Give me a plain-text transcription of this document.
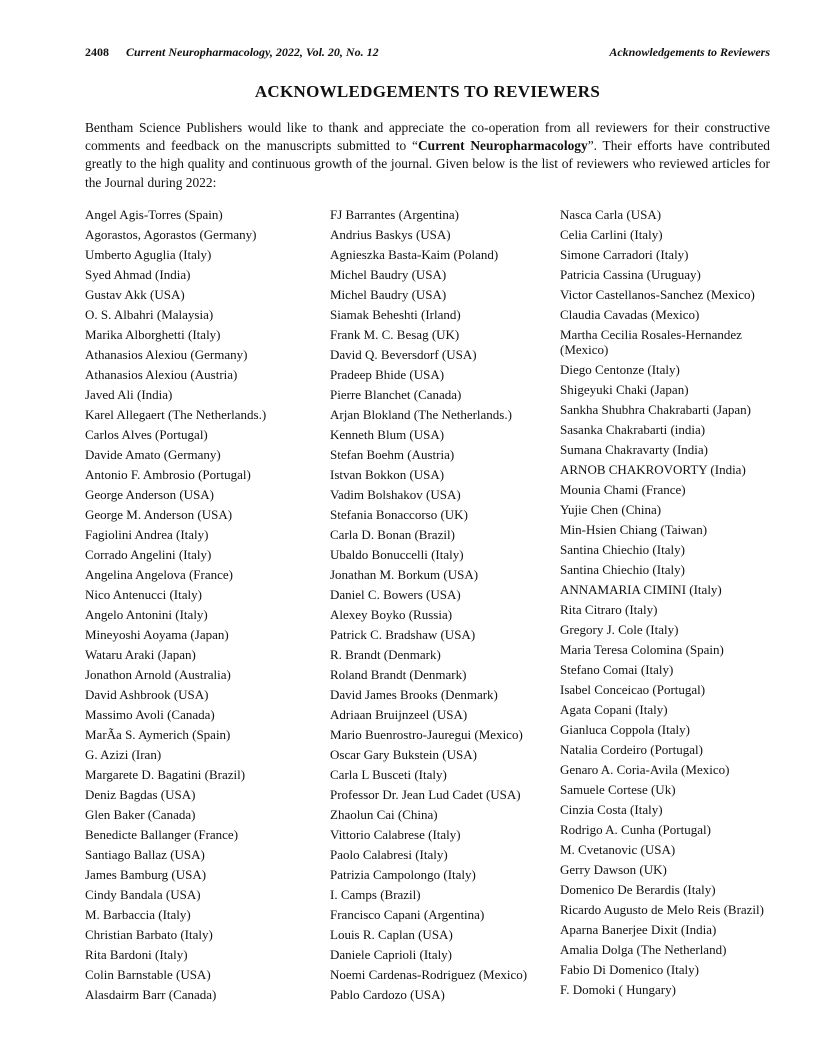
2408 Current Neuropharmacology, 2022, Vol. 20, No. 12	Acknowledgements to Reviewers
ACKNOWLEDGEMENTS TO REVIEWERS

Bentham Science Publishers would like to thank and appreciate the co-operation from all reviewers for their constructive comments and feedback on the manuscripts submitted to “Current Neuropharmacology”. Their efforts have contributed greatly to the high quality and continuous growth of the journal. Given below is the list of reviewers who reviewed articles for the Journal during 2022:

Angel Agis-Torres (Spain)
Agorastos, Agorastos (Germany)
Umberto Aguglia (Italy)
Syed Ahmad (India)
Gustav Akk (USA)
O. S. Albahri (Malaysia)
Marika Alborghetti (Italy)
Athanasios Alexiou (Germany)
Athanasios Alexiou (Austria)
Javed Ali (India)
Karel Allegaert (The Netherlands.)
Carlos Alves (Portugal)
Davide Amato (Germany)
Antonio F. Ambrosio (Portugal)
George Anderson (USA)
George M. Anderson (USA)
Fagiolini Andrea (Italy)
Corrado Angelini (Italy)
Angelina Angelova (France)
Nico Antenucci (Italy)
Angelo Antonini (Italy)
Mineyoshi Aoyama (Japan)
Wataru Araki (Japan)
Jonathon Arnold (Australia)
David Ashbrook (USA)
Massimo Avoli (Canada)
MarÃa S. Aymerich (Spain)
G. Azizi (Iran)
Margarete D. Bagatini (Brazil)
Deniz Bagdas (USA)
Glen Baker (Canada)
Benedicte Ballanger (France)
Santiago Ballaz (USA)
James Bamburg (USA)
Cindy Bandala (USA)
M. Barbaccia (Italy)
Christian Barbato (Italy)
Rita Bardoni (Italy)
Colin Barnstable (USA)
Alasdairm Barr (Canada)
FJ Barrantes (Argentina)
Andrius Baskys (USA)
Agnieszka Basta-Kaim (Poland)
Michel Baudry (USA)
Michel Baudry (USA)
Siamak Beheshti (Irland)
Frank M. C. Besag (UK)
David Q. Beversdorf (USA)
Pradeep Bhide (USA)
Pierre Blanchet (Canada)
Arjan Blokland (The Netherlands.)
Kenneth Blum (USA)
Stefan Boehm (Austria)
Istvan Bokkon (USA)
Vadim Bolshakov (USA)
Stefania Bonaccorso (UK)
Carla D. Bonan (Brazil)
Ubaldo Bonuccelli (Italy)
Jonathan M. Borkum (USA)
Daniel C. Bowers (USA)
Alexey Boyko (Russia)
Patrick C. Bradshaw (USA)
R. Brandt (Denmark)
Roland Brandt (Denmark)
David James Brooks (Denmark)
Adriaan Bruijnzeel (USA)
Mario Buenrostro-Jauregui (Mexico)
Oscar Gary Bukstein (USA)
Carla L Busceti (Italy)
Professor Dr. Jean Lud Cadet (USA)
Zhaolun Cai (China)
Vittorio Calabrese (Italy)
Paolo Calabresi (Italy)
Patrizia Campolongo (Italy)
I. Camps (Brazil)
Francisco Capani (Argentina)
Louis R. Caplan (USA)
Daniele Caprioli (Italy)
Noemi Cardenas-Rodriguez (Mexico)
Pablo Cardozo (USA)
Nasca Carla (USA)
Celia Carlini (Italy)
Simone Carradori (Italy)
Patricia Cassina (Uruguay)
Victor Castellanos-Sanchez (Mexico)
Claudia Cavadas (Mexico)
Martha Cecilia Rosales-Hernandez (Mexico)
Diego Centonze (Italy)
Shigeyuki Chaki (Japan)
Sankha Shubhra Chakrabarti (Japan)
Sasanka Chakrabarti (india)
Sumana Chakravarty (India)
ARNOB CHAKROVORTY (India)
Mounia Chami (France)
Yujie Chen (China)
Min-Hsien Chiang (Taiwan)
Santina Chiechio (Italy)
Santina Chiechio (Italy)
ANNAMARIA CIMINI (Italy)
Rita Citraro (Italy)
Gregory J. Cole (Italy)
Maria Teresa Colomina (Spain)
Stefano Comai (Italy)
Isabel Conceicao (Portugal)
Agata Copani (Italy)
Gianluca Coppola (Italy)
Natalia Cordeiro (Portugal)
Genaro A. Coria-Avila (Mexico)
Samuele Cortese (Uk)
Cinzia Costa (Italy)
Rodrigo A. Cunha (Portugal)
M. Cvetanovic (USA)
Gerry Dawson (UK)
Domenico De Berardis (Italy)
Ricardo Augusto de Melo Reis (Brazil)
Aparna Banerjee Dixit (India)
Amalia Dolga (The Netherland)
Fabio Di Domenico (Italy)
F. Domoki ( Hungary)
